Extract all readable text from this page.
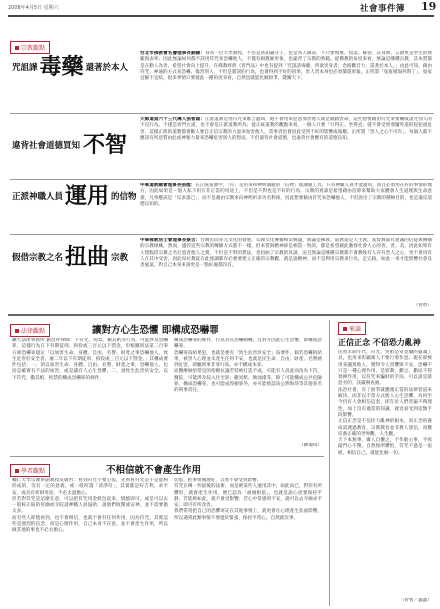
2008年4月5日 星期六	社會事件簿 19
宗教觀點
咒詛譁 毒藥 還著於本人
台北市佛教會名譽理事長劉錦：身為一位大學教授，不但是高知識分子，也是為人師表，不只要慎重、授業、解惑，其身教、言教更是學生的典範與表率；因此無論如何都不該用符咒來恐嚇他人，不僅有損教師形象，也違背了宗教的典範。從佛教的角度來看，無論是哪種宗教，其本質都是在勸人為善，希望社會向上提升，在佛教經典《普門品》中也有提到「咒詛諸毒藥，所欲害身者，念彼觀音力，還著於本人。」由此可知，藉由符咒、神通的方式來恐嚇、傷害別人，不但是錯誤的行為，也會得到不好的因果，害人害本身也必須償還果報。正所謂「冤冤相報何時了」，冤家宜解不宜結，很多事情只要彼此一種角度來看，自然也就能化解紛爭，趨躍天下。
違背社會道德買知 不智
天師道第六十三代傳人張智雄：正派道教是用符咒來唯吉避凶，絕不會用來惡意加害他人或是踐踏害命，這些想要藉由符咒來要嚇或詛咒別人的不良行為，不僅是罪門左道，也不會是正派道教所為；從正統道教的觀點來看，一個人只要「行得正、坐得直」就不會受到邪魔外道的侵犯或危害，這樣正派的道教都會勸人要自正信宗教的力量來加害他人，當事者也會因此受到不好的影響或報應。正所謂「害人之心不可有」，每個人都不應該有所惡質由此或神秘力量來恐嚇危害別人的想法，不但違背社會道德，也違背社會應有的道德良知。
正派神職人員 運用 的信物
中華道教總會理事長張檉：在正統道教中，「符」是用來和神明溝通的「信物」或溝通工具，只有神職人員才能運用，而且必須用在好的事情的地方，因此如果是一般人私下用在非正當的用途上，不但是不對也是不好的行為。宗教的真諦是希望藉由信仰來幫助大家體會人生道理與生命意義，凡事應該是「反求諸己」，而不是藉由宗教來向神明祈求功名利祿，因此想要藉由符咒來恐嚇他人，不但說出了宗教的積極目的，也是違反道德良知的。
假借宗教之名 扭曲 宗教
中華佛教居士會理事長蔡吉：台灣民間多元文化的發展，宗教文化傳播相當興盛，無論是佛教、道教還是天主教，基督教都有建議的信徒與傳播的宗教組織。然而，儘管這些宗教的傳播方式都不一樣，但本質與精神卻是相當一致的，都是希望藉此激發社會人心的善、善、美，因此如果有人想假借宗教之名打惡者他人之實，不但是不對的想法，也扭曲了宗教的真諦，況且無論是哪種宗教都不會教唆有人存有害人之心，更不會用有人在其中受害，因此每位教徒在此強調都有必要要建立正確的宗教觀，就是說精神，而不是利用宗教來行為，走完路，如此一來才能影響社會良善風氣，對自己本身來說更是一點好處都沒有。
（曾智）
法律觀點	讓對方心生恐懼 即構成恐嚇罪
聯大法律事務所 劉昌坪律師：下符咒、拘禁、撒其紙等行為，可能涉及恐嚇罪，這樣行為在下有期徒刑、拘役或三百元以下罰金，但根據刑法第三百零五條恐嚇罪規定「以加害生命、身體、自由、名譽、財產之事恐嚇他人，致生危害於安全者，處二年以下有期徒刑、拘役或三百元以下罰金。」其構成要件包括：一、須以加害生命、身體、自由、名譽、財產之事，恐嚇他人，包括是確實有不法的加害，或是讓有人心生畏懼，二、須致生危害於安全。以下符咒、撒其紙，拘禁的構成恐嚇罪的條件，
構成恐嚇罪的條件，行爲具有恐嚇動機，且對方因此心生恐懼，即構成恐嚇罪。
恐嚇罪爲結果犯，也就是要有「致生危害於安全」爲要件，倘若恐嚇的結果，被害人心理並未產生任何不安，也就是民生命、自由、財產、名譽感到危害，即屬刑事非罪行爲，亦不構成本罪。
而醫療糾紛常見的指稱抗議若特被打造不成，可能有人爲此而改為下符，醫院，可能涉及侵入住宅罪；撒冥紙、拗油漆等，除了可能構成公共危險罪，構成恐嚇罪，也可能成毀損罪外，亦可能被認爲公然侮辱等其他罪名的刑事責任。
（陳瑜琪）
學者觀點	不相信就不會產生作用
輔仁大學宗教系副教授吳敏哲：看到符咒不要心慌，先看看符咒是不是能夠形成的，沒有一定的意義，或一般所謂「清淨符」，其實都是好吉利，求平安，或具有祈財用途，不必太過擔心。
但若對符咒是這麼在意，可以把符咒用金紙包起來，燒燒即可。或是可以去一般較正統的宮廟或寺院請神職人員協助，請他們收驚或安神，並不需要擔太多。
而有些人即使看到，也不會相信，也就不會有任何作用，因為符咒，其實這些是強烈的信念，而是心理作用，自己本身不在意，並不會產生作用，所以做其他的事也不必太擔心。
切思，把事情處理好，自然不會受到影響。
符咒在傳一件最後的法術，而是被某些人運用其中，如此而已，對你有所懼怕，就會產生作用，便已認為「福禍相依」，也就是說心思要保持平靜，若能夠如此，就不會受影響；若心中常感到不安，就可以去寺廟求平安，即可有所改善。
我們常常把自己的恐懼寄託在其他事情上，就更會在心理產生負面影響，所以遇到此類事情不要過於緊張，保持平常心，自然就沒事。
來論
正信正念 不信恐力亂神
民智未開年代，符咒、哭紙是常見藥的靈魂工具，也用來彰顯萬人不要行邪作惡。現在卻被用來諷罵他人，變得令人畏懼與不安，恐嚇不只是一種心理作用，是邪教、撒豆、撒尿不得發揮作用，以符咒來騙財的手法，可以說是最惡劣的，該嚴辦查處。
法治社會，有了紛爭就應循正當的法律管道來解決，而非以不當方式使人心生恐懼。為何至今仍有人會相信這套，即在於人們普遍不夠理性，加上沒有適當的知識，就容易受到這類手段影響。
正信正念是不信怪力亂神的根本，而正念的養成需透過教育，宗教教育並非教人迷信，而應培養正確的世界觀、人生觀。
天下本無事，庸人自擾之，不作虧心事，半夜敲門心不驚，自然無所懼怕，符咒不過是一張紙，相信自己，就能化解一切。
（曾智／鑫鑫）
